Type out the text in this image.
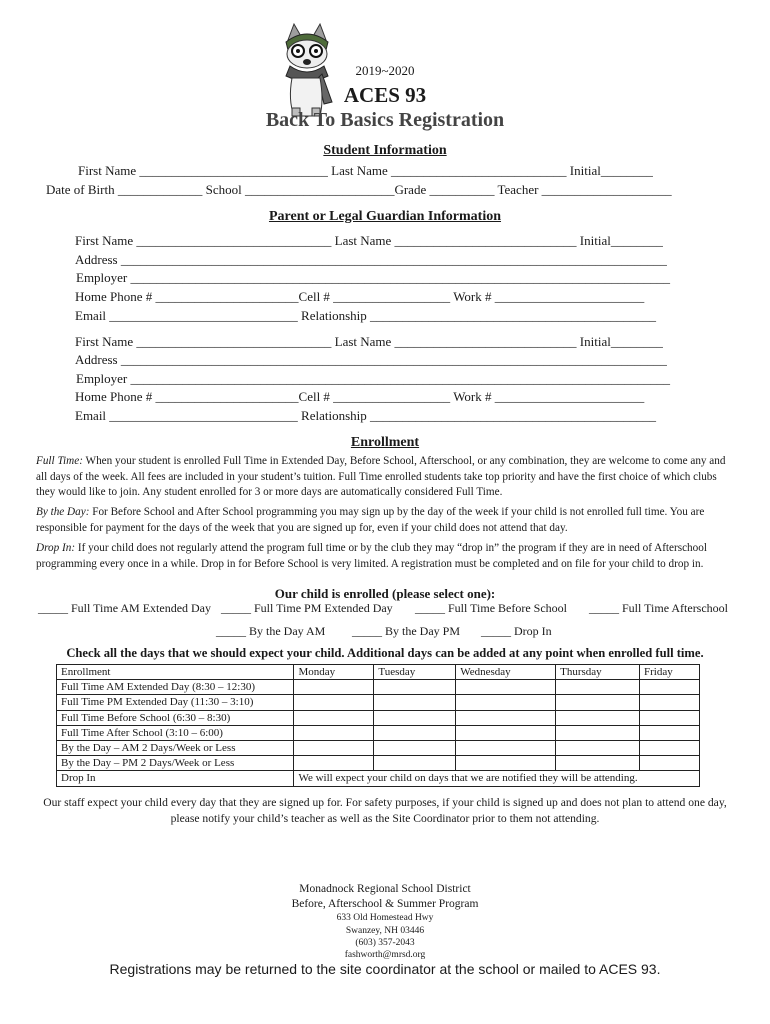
2019~2020
ACES 93
Back To Basics Registration
Student Information
First Name _____________________________ Last Name ___________________________ Initial________
Date of Birth _____________ School _______________________Grade __________ Teacher ____________________
Parent or Legal Guardian Information
First Name ______________________________ Last Name ____________________________ Initial________
Address ____________________________________________________________________________________
Employer ___________________________________________________________________________________
Home Phone # ______________________Cell # __________________ Work # _______________________
Email _____________________________ Relationship ____________________________________________
First Name ______________________________ Last Name ____________________________ Initial________
Address ____________________________________________________________________________________
Employer ___________________________________________________________________________________
Home Phone # ______________________Cell # __________________ Work # _______________________
Email _____________________________ Relationship ____________________________________________
Enrollment
Full Time: When your student is enrolled Full Time in Extended Day, Before School, Afterschool, or any combination, they are welcome to come any and all days of the week. All fees are included in your student’s tuition. Full Time enrolled students take top priority and have the first choice of which clubs they would like to join. Any student enrolled for 3 or more days are automatically considered Full Time.
By the Day: For Before School and After School programming you may sign up by the day of the week if your child is not enrolled full time. You are responsible for payment for the days of the week that you are signed up for, even if your child does not attend that day.
Drop In: If your child does not regularly attend the program full time or by the club they may “drop in” the program if they are in need of Afterschool programming every once in a while. Drop in for Before School is very limited. A registration must be completed and on file for your child to drop in.
Our child is enrolled (please select one):
_____ Full Time AM Extended Day _____ Full Time PM Extended Day _____ Full Time Before School _____ Full Time Afterschool
_____ By the Day AM _____ By the Day PM _____ Drop In
Check all the days that we should expect your child. Additional days can be added at any point when enrolled full time.
Enrollment	Monday	Tuesday	Wednesday	Thursday	Friday
Full Time AM Extended Day (8:30 – 12:30)					
Full Time PM Extended Day (11:30 – 3:10)					
Full Time Before School (6:30 – 8:30)					
Full Time After School (3:10 – 6:00)					
By the Day – AM 2 Days/Week or Less					
By the Day – PM 2 Days/Week or Less					
Drop In	We will expect your child on days that we are notified they will be attending.				
Our staff expect your child every day that they are signed up for. For safety purposes, if your child is signed up and does not plan to attend one day, please notify your child’s teacher as well as the Site Coordinator prior to them not attending.
Monadnock Regional School District
Before, Afterschool & Summer Program
633 Old Homestead Hwy
Swanzey, NH 03446
(603) 357-2043
fashworth@mrsd.org
Registrations may be returned to the site coordinator at the school or mailed to ACES 93.
